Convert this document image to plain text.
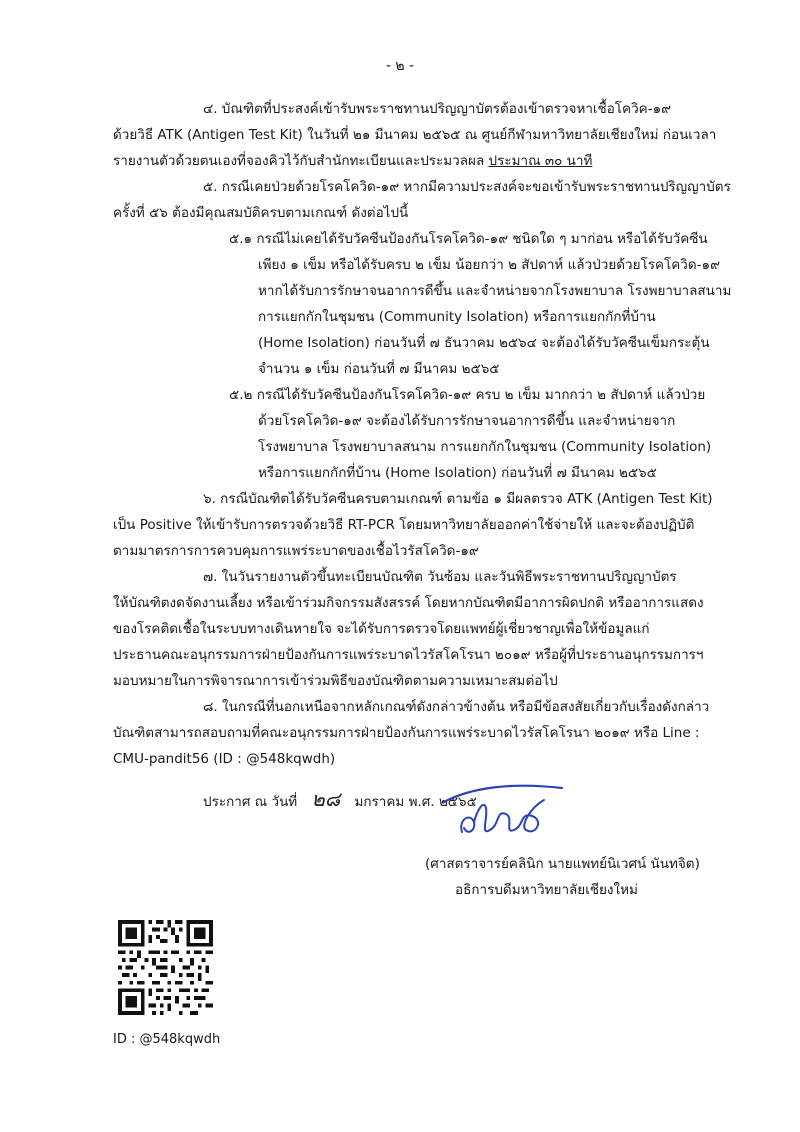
- ๒ -
๔. บัณฑิตที่ประสงค์เข้ารับพระราชทานปริญญาบัตรต้องเข้าตรวจหาเชื้อโควิค-๑๙
ด้วยวิธี ATK (Antigen Test Kit) ในวันที่ ๒๑ มีนาคม ๒๕๖๕ ณ ศูนย์กีฬามหาวิทยาลัยเชียงใหม่ ก่อนเวลา
รายงานตัวด้วยตนเองที่จองคิวไว้กับสำนักทะเบียนและประมวลผล ประมาณ ๓๐ นาที
๕. กรณีเคยป่วยด้วยโรคโควิด-๑๙ หากมีความประสงค์จะขอเข้ารับพระราชทานปริญญาบัตร
ครั้งที่ ๕๖ ต้องมีคุณสมบัติครบตามเกณฑ์ ดังต่อไปนี้
๕.๑ กรณีไม่เคยได้รับวัคซีนป้องกันโรคโควิด-๑๙ ชนิดใด ๆ มาก่อน หรือได้รับวัคซีน
เพียง ๑ เข็ม หรือได้รับครบ ๒ เข็ม น้อยกว่า ๒ สัปดาห์ แล้วป่วยด้วยโรคโควิด-๑๙
หากได้รับการรักษาจนอาการดีขึ้น และจำหน่ายจากโรงพยาบาล โรงพยาบาลสนาม
การแยกกักในชุมชน (Community Isolation) หรือการแยกกักที่บ้าน
(Home Isolation) ก่อนวันที่ ๗ ธันวาคม ๒๕๖๔ จะต้องได้รับวัคซีนเข็มกระตุ้น
จำนวน ๑ เข็ม ก่อนวันที่ ๗ มีนาคม ๒๕๖๕
๕.๒ กรณีได้รับวัคซีนป้องกันโรคโควิด-๑๙ ครบ ๒ เข็ม มากกว่า ๒ สัปดาห์ แล้วป่วย
ด้วยโรคโควิด-๑๙ จะต้องได้รับการรักษาจนอาการดีขึ้น และจำหน่ายจาก
โรงพยาบาล โรงพยาบาลสนาม การแยกกักในชุมชน (Community Isolation)
หรือการแยกกักที่บ้าน (Home Isolation) ก่อนวันที่ ๗ มีนาคม ๒๕๖๕
๖. กรณีบัณฑิตได้รับวัคซีนครบตามเกณฑ์ ตามข้อ ๑ มีผลตรวจ ATK (Antigen Test Kit)
เป็น Positive ให้เข้ารับการตรวจด้วยวิธี RT-PCR โดยมหาวิทยาลัยออกค่าใช้จ่ายให้ และจะต้องปฏิบัติ
ตามมาตรการการควบคุมการแพร่ระบาดของเชื้อไวรัสโควิด-๑๙
๗. ในวันรายงานตัวขึ้นทะเบียนบัณฑิต วันซ้อม และวันพิธีพระราชทานปริญญาบัตร
ให้บัณฑิตงดจัดงานเลี้ยง หรือเข้าร่วมกิจกรรมสังสรรค์ โดยหากบัณฑิตมีอาการผิดปกติ หรืออาการแสดง
ของโรคติดเชื้อในระบบทางเดินหายใจ จะได้รับการตรวจโดยแพทย์ผู้เชี่ยวชาญเพื่อให้ข้อมูลแก่
ประธานคณะอนุกรรมการฝ่ายป้องกันการแพร่ระบาดไวรัสโคโรนา ๒๐๑๙ หรือผู้ที่ประธานอนุกรรมการฯ
มอบหมายในการพิจารณาการเข้าร่วมพิธีของบัณฑิตตามความเหมาะสมต่อไป
๘. ในกรณีที่นอกเหนือจากหลักเกณฑ์ดังกล่าวข้างต้น หรือมีข้อสงสัยเกี่ยวกับเรื่องดังกล่าว
บัณฑิตสามารถสอบถามที่คณะอนุกรรมการฝ่ายป้องกันการแพร่ระบาดไวรัสโคโรนา ๒๐๑๙ หรือ Line :
CMU-pandit56 (ID : @548kqwdh)
ประกาศ ณ วันที่ ๒๘ มกราคม พ.ศ. ๒๕๖๕
(ศาสตราจารย์คลินิก นายแพทย์นิเวศน์ นันทจิต)
อธิการบดีมหาวิทยาลัยเชียงใหม่
ID : @548kqwdh
